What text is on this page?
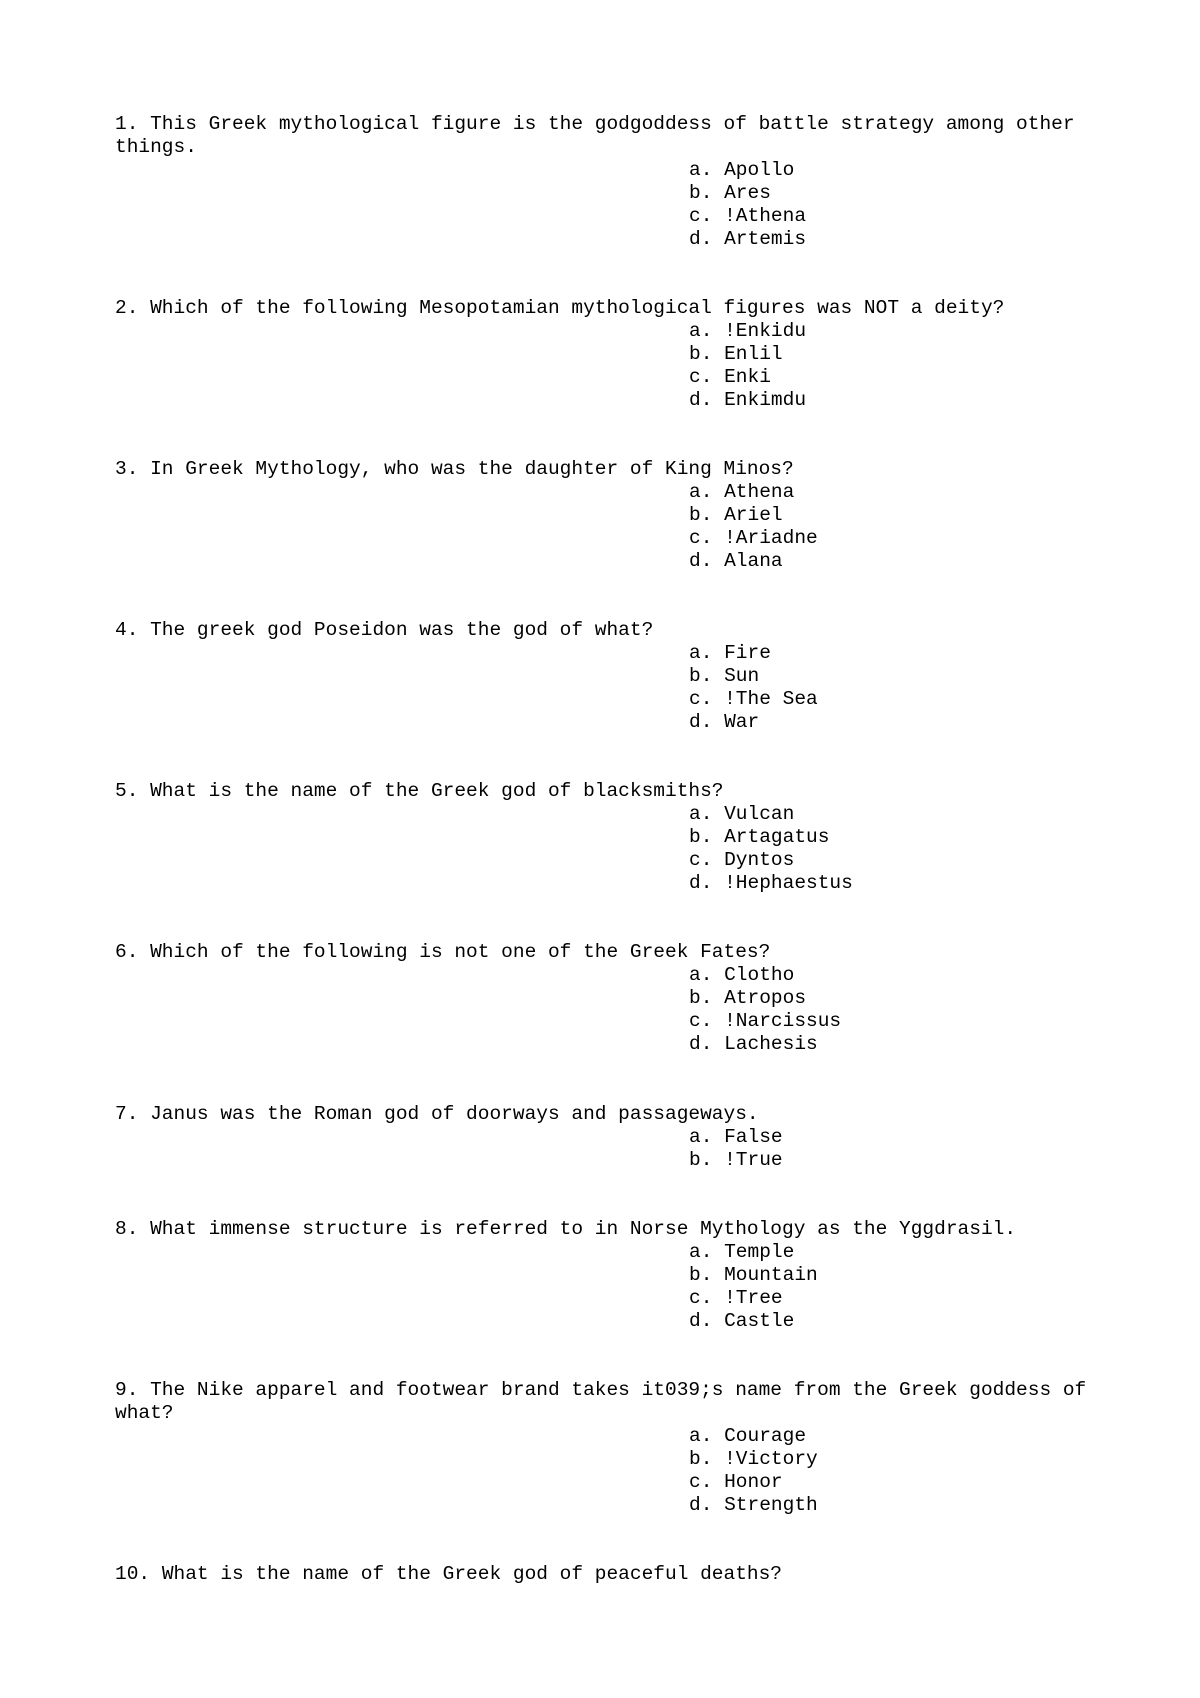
1. This Greek mythological figure is the godgoddess of battle strategy among other things.

a. Apollo
b. Ares
c. !Athena
d. Artemis

2. Which of the following Mesopotamian mythological figures was NOT a deity?

a. !Enkidu
b. Enlil
c. Enki
d. Enkimdu

3. In Greek Mythology, who was the daughter of King Minos?

a. Athena
b. Ariel
c. !Ariadne
d. Alana

4. The greek god Poseidon was the god of what?

a. Fire
b. Sun
c. !The Sea
d. War

5. What is the name of the Greek god of blacksmiths?

a. Vulcan
b. Artagatus
c. Dyntos
d. !Hephaestus

6. Which of the following is not one of the Greek Fates?

a. Clotho
b. Atropos
c. !Narcissus
d. Lachesis

7. Janus was the Roman god of doorways and passageways.

a. False
b. !True

8. What immense structure is referred to in Norse Mythology as the Yggdrasil.

a. Temple
b. Mountain
c. !Tree
d. Castle

9. The Nike apparel and footwear brand takes it039;s name from the Greek goddess of what?

a. Courage
b. !Victory
c. Honor
d. Strength

10. What is the name of the Greek god of peaceful deaths?
